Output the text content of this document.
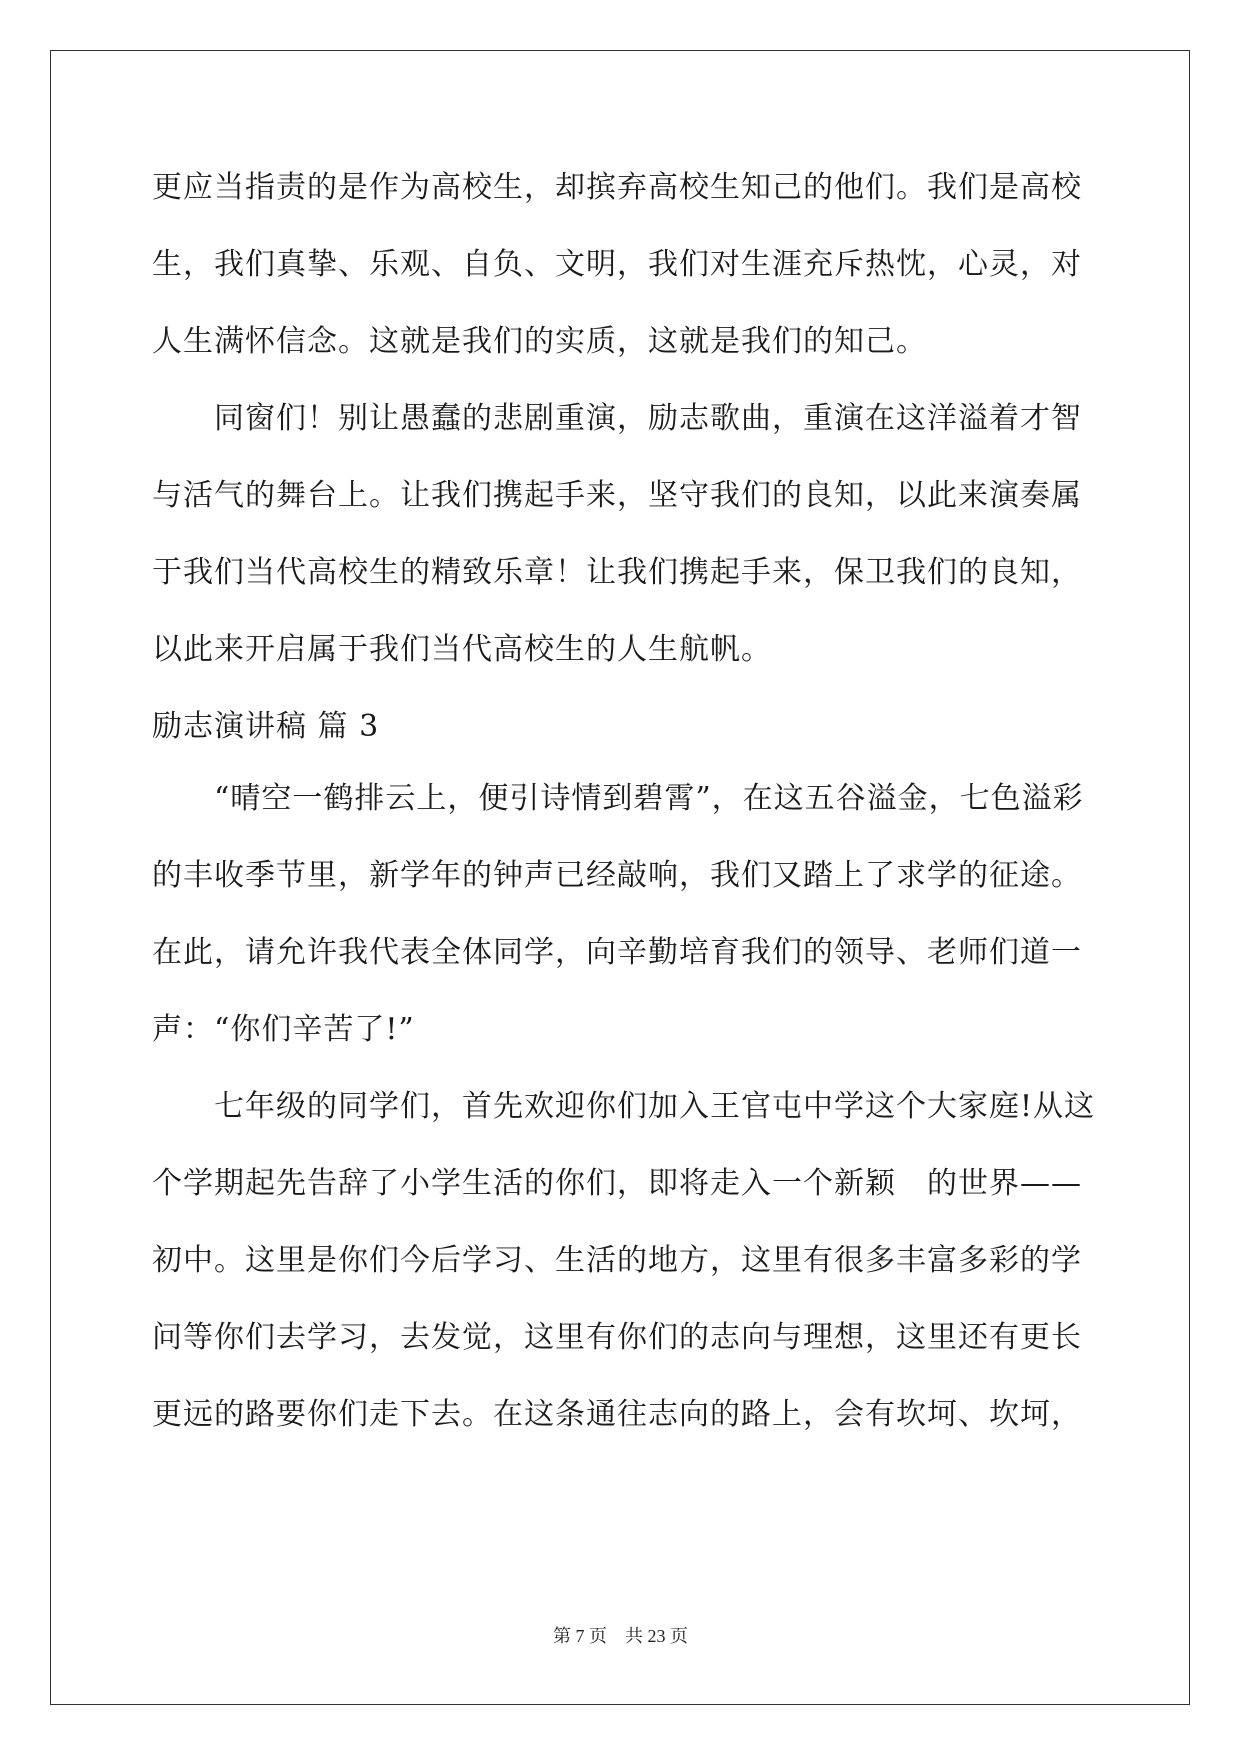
更应当指责的是作为高校生，却摈弃高校生知己的他们。我们是高校
生，我们真挚、乐观、自负、文明，我们对生涯充斥热忱，心灵，对
人生满怀信念。这就是我们的实质，这就是我们的知己。
同窗们！别让愚蠢的悲剧重演，励志歌曲，重演在这洋溢着才智
与活气的舞台上。让我们携起手来，坚守我们的良知，以此来演奏属
于我们当代高校生的精致乐章！让我们携起手来，保卫我们的良知，
以此来开启属于我们当代高校生的人生航帆。
励志演讲稿 篇 3
“晴空一鹤排云上，便引诗情到碧霄”，在这五谷溢金，七色溢彩
的丰收季节里，新学年的钟声已经敲响，我们又踏上了求学的征途。
在此，请允许我代表全体同学，向辛勤培育我们的领导、老师们道一
声：“你们辛苦了!”
七年级的同学们，首先欢迎你们加入王官屯中学这个大家庭!从这
个学期起先告辞了小学生活的你们，即将走入一个新颖　的世界——
初中。这里是你们今后学习、生活的地方，这里有很多丰富多彩的学
问等你们去学习，去发觉，这里有你们的志向与理想，这里还有更长
更远的路要你们走下去。在这条通往志向的路上，会有坎坷、坎坷，
第 7 页 共 23 页
